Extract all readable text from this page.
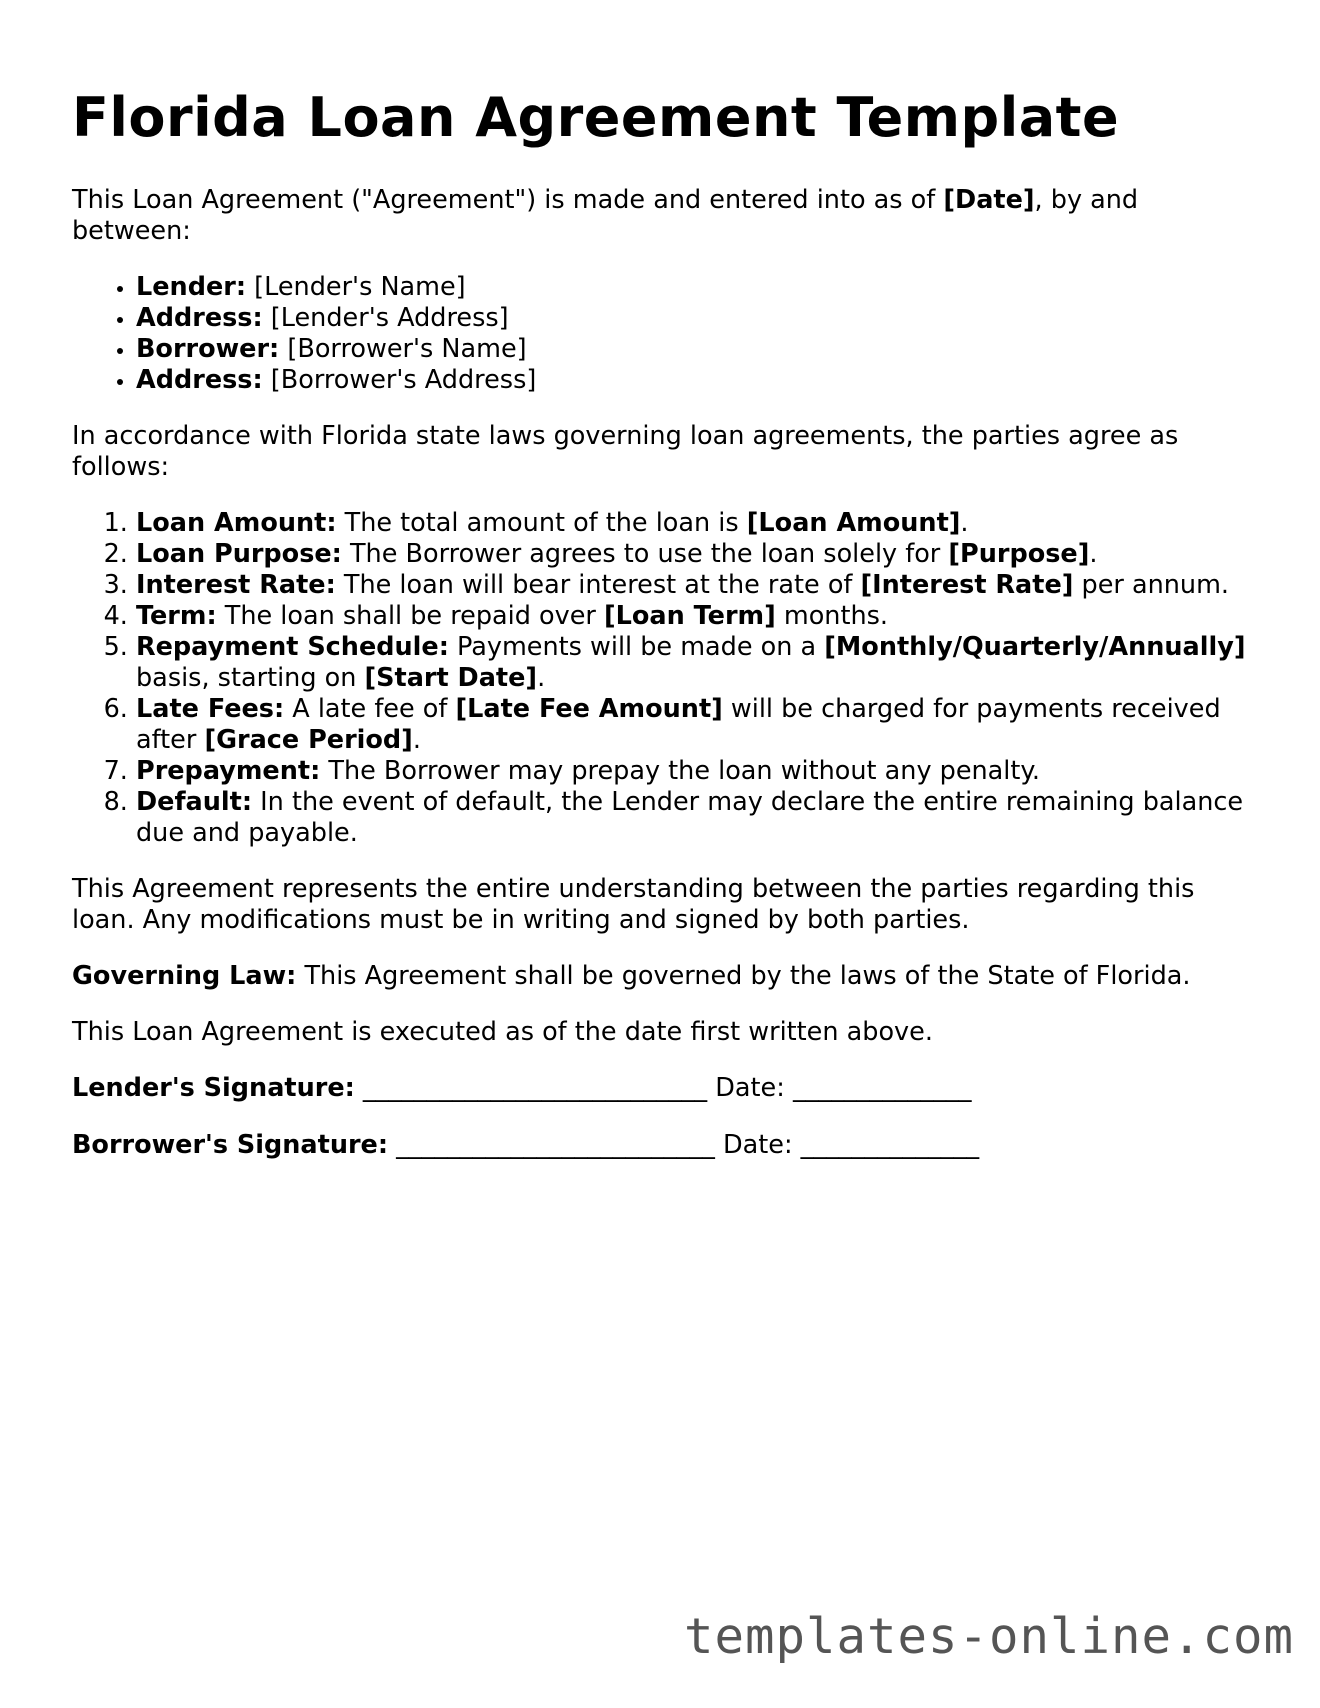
Florida Loan Agreement Template

This Loan Agreement ("Agreement") is made and entered into as of [Date], by and between:

• Lender: [Lender's Name]
• Address: [Lender's Address]
• Borrower: [Borrower's Name]
• Address: [Borrower's Address]

In accordance with Florida state laws governing loan agreements, the parties agree as follows:

1. Loan Amount: The total amount of the loan is [Loan Amount].
2. Loan Purpose: The Borrower agrees to use the loan solely for [Purpose].
3. Interest Rate: The loan will bear interest at the rate of [Interest Rate] per annum.
4. Term: The loan shall be repaid over [Loan Term] months.
5. Repayment Schedule: Payments will be made on a [Monthly/Quarterly/Annually] basis, starting on [Start Date].
6. Late Fees: A late fee of [Late Fee Amount] will be charged for payments received after [Grace Period].
7. Prepayment: The Borrower may prepay the loan without any penalty.
8. Default: In the event of default, the Lender may declare the entire remaining balance due and payable.

This Agreement represents the entire understanding between the parties regarding this loan. Any modifications must be in writing and signed by both parties.

Governing Law: This Agreement shall be governed by the laws of the State of Florida.

This Loan Agreement is executed as of the date first written above.

Lender's Signature: ___________________________ Date: ______________
Borrower's Signature: _________________________ Date: ______________
templates-online.com
